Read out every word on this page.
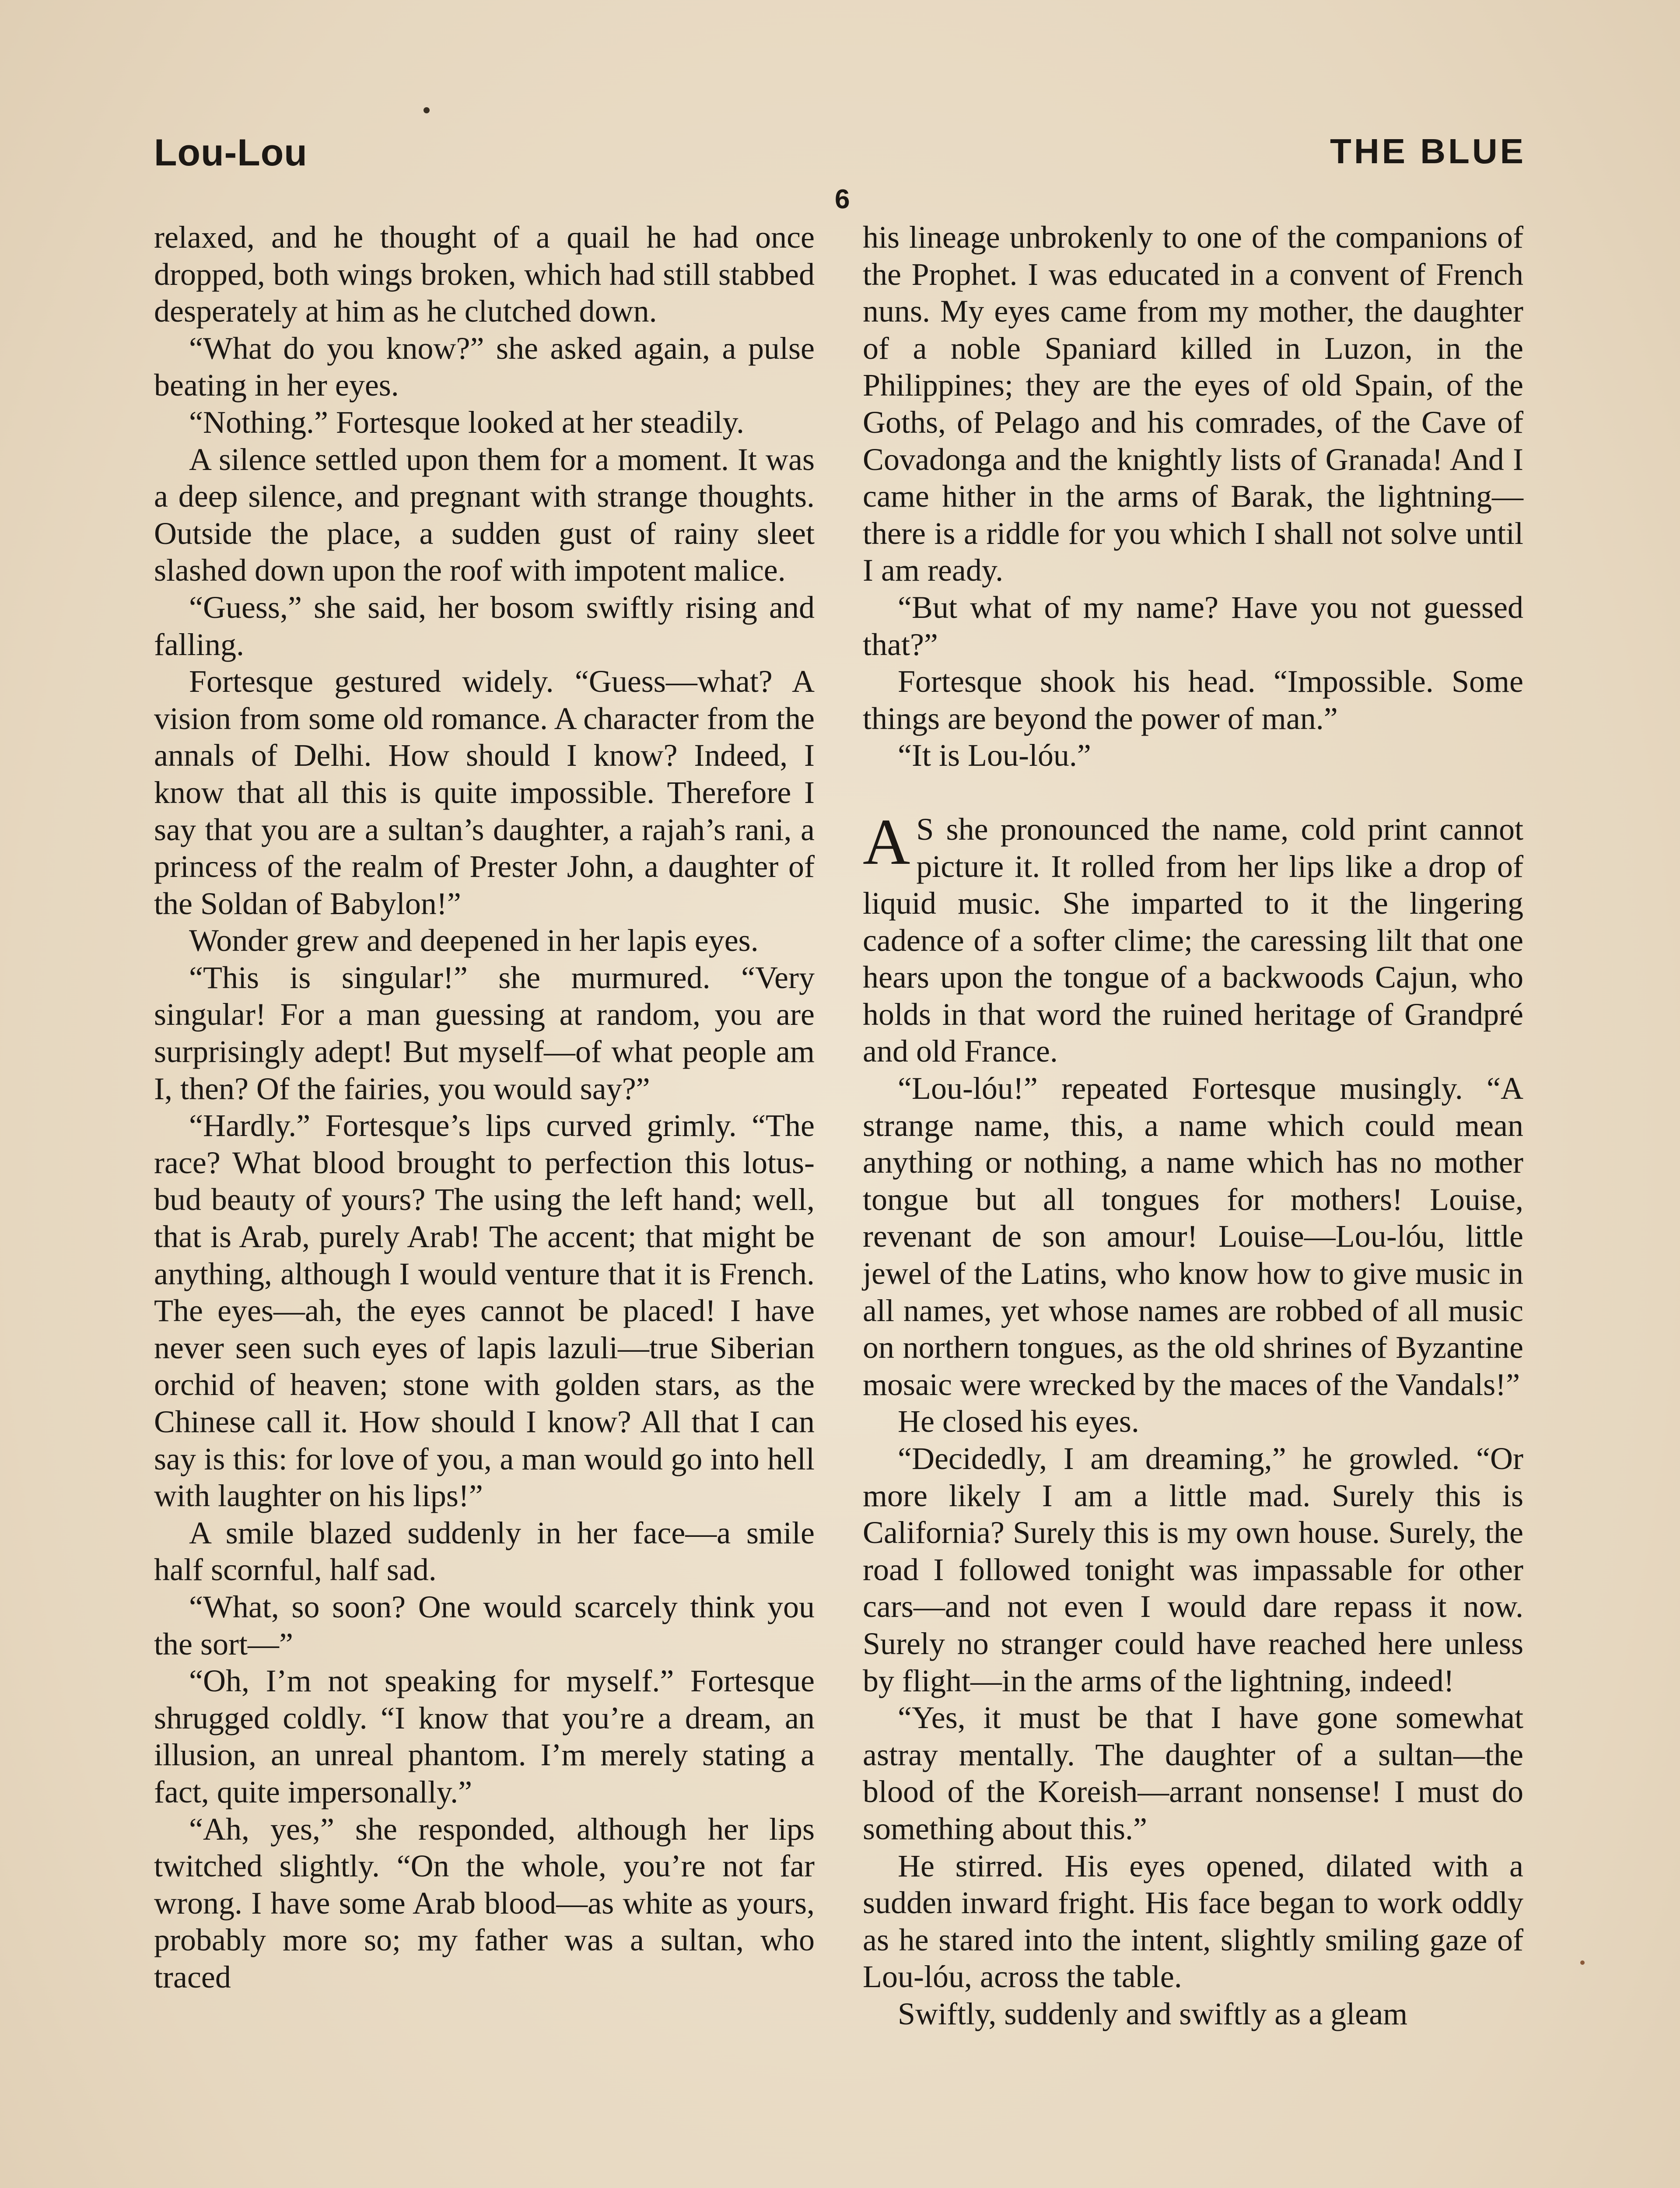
Lou-Lou	THE BLUE
6

relaxed, and he thought of a quail he had once dropped, both wings broken, which had still stabbed desperately at him as he clutched down.

“What do you know?” she asked again, a pulse beating in her eyes.

“Nothing.” Fortesque looked at her steadily.

A silence settled upon them for a moment. It was a deep silence, and pregnant with strange thoughts. Outside the place, a sudden gust of rainy sleet slashed down upon the roof with impotent malice.

“Guess,” she said, her bosom swiftly rising and falling.

Fortesque gestured widely. “Guess—what? A vision from some old romance. A character from the annals of Delhi. How should I know? Indeed, I know that all this is quite impossible. Therefore I say that you are a sultan’s daughter, a rajah’s rani, a princess of the realm of Prester John, a daughter of the Soldan of Babylon!”

Wonder grew and deepened in her lapis eyes.

“This is singular!” she murmured. “Very singular! For a man guessing at random, you are surprisingly adept! But myself—of what people am I, then? Of the fairies, you would say?”

“Hardly.” Fortesque’s lips curved grimly. “The race? What blood brought to perfection this lotus-bud beauty of yours? The using the left hand; well, that is Arab, purely Arab! The accent; that might be anything, although I would venture that it is French. The eyes—ah, the eyes cannot be placed! I have never seen such eyes of lapis lazuli—true Siberian orchid of heaven; stone with golden stars, as the Chinese call it. How should I know? All that I can say is this: for love of you, a man would go into hell with laughter on his lips!”

A smile blazed suddenly in her face—a smile half scornful, half sad.

“What, so soon? One would scarcely think you the sort—”

“Oh, I’m not speaking for myself.” Fortesque shrugged coldly. “I know that you’re a dream, an illusion, an unreal phantom. I’m merely stating a fact, quite impersonally.”

“Ah, yes,” she responded, although her lips twitched slightly. “On the whole, you’re not far wrong. I have some Arab blood—as white as yours, probably more so; my father was a sultan, who traced

his lineage unbrokenly to one of the companions of the Prophet. I was educated in a convent of French nuns. My eyes came from my mother, the daughter of a noble Spaniard killed in Luzon, in the Philippines; they are the eyes of old Spain, of the Goths, of Pelago and his comrades, of the Cave of Covadonga and the knightly lists of Granada! And I came hither in the arms of Barak, the lightning—there is a riddle for you which I shall not solve until I am ready.

“But what of my name? Have you not guessed that?”

Fortesque shook his head. “Impossible. Some things are beyond the power of man.”

“It is Lou-lóu.”

A S she pronounced the name, cold print cannot picture it. It rolled from her lips like a drop of liquid music. She imparted to it the lingering cadence of a softer clime; the caressing lilt that one hears upon the tongue of a backwoods Cajun, who holds in that word the ruined heritage of Grandpré and old France.

“Lou-lóu!” repeated Fortesque musingly. “A strange name, this, a name which could mean anything or nothing, a name which has no mother tongue but all tongues for mothers! Louise, revenant de son amour! Louise—Lou-lóu, little jewel of the Latins, who know how to give music in all names, yet whose names are robbed of all music on northern tongues, as the old shrines of Byzantine mosaic were wrecked by the maces of the Vandals!”

He closed his eyes.

“Decidedly, I am dreaming,” he growled. “Or more likely I am a little mad. Surely this is California? Surely this is my own house. Surely, the road I followed tonight was impassable for other cars—and not even I would dare repass it now. Surely no stranger could have reached here unless by flight—in the arms of the lightning, indeed!

“Yes, it must be that I have gone somewhat astray mentally. The daughter of a sultan—the blood of the Koreish—arrant nonsense! I must do something about this.”

He stirred. His eyes opened, dilated with a sudden inward fright. His face began to work oddly as he stared into the intent, slightly smiling gaze of Lou-lóu, across the table.

Swiftly, suddenly and swiftly as a gleam
